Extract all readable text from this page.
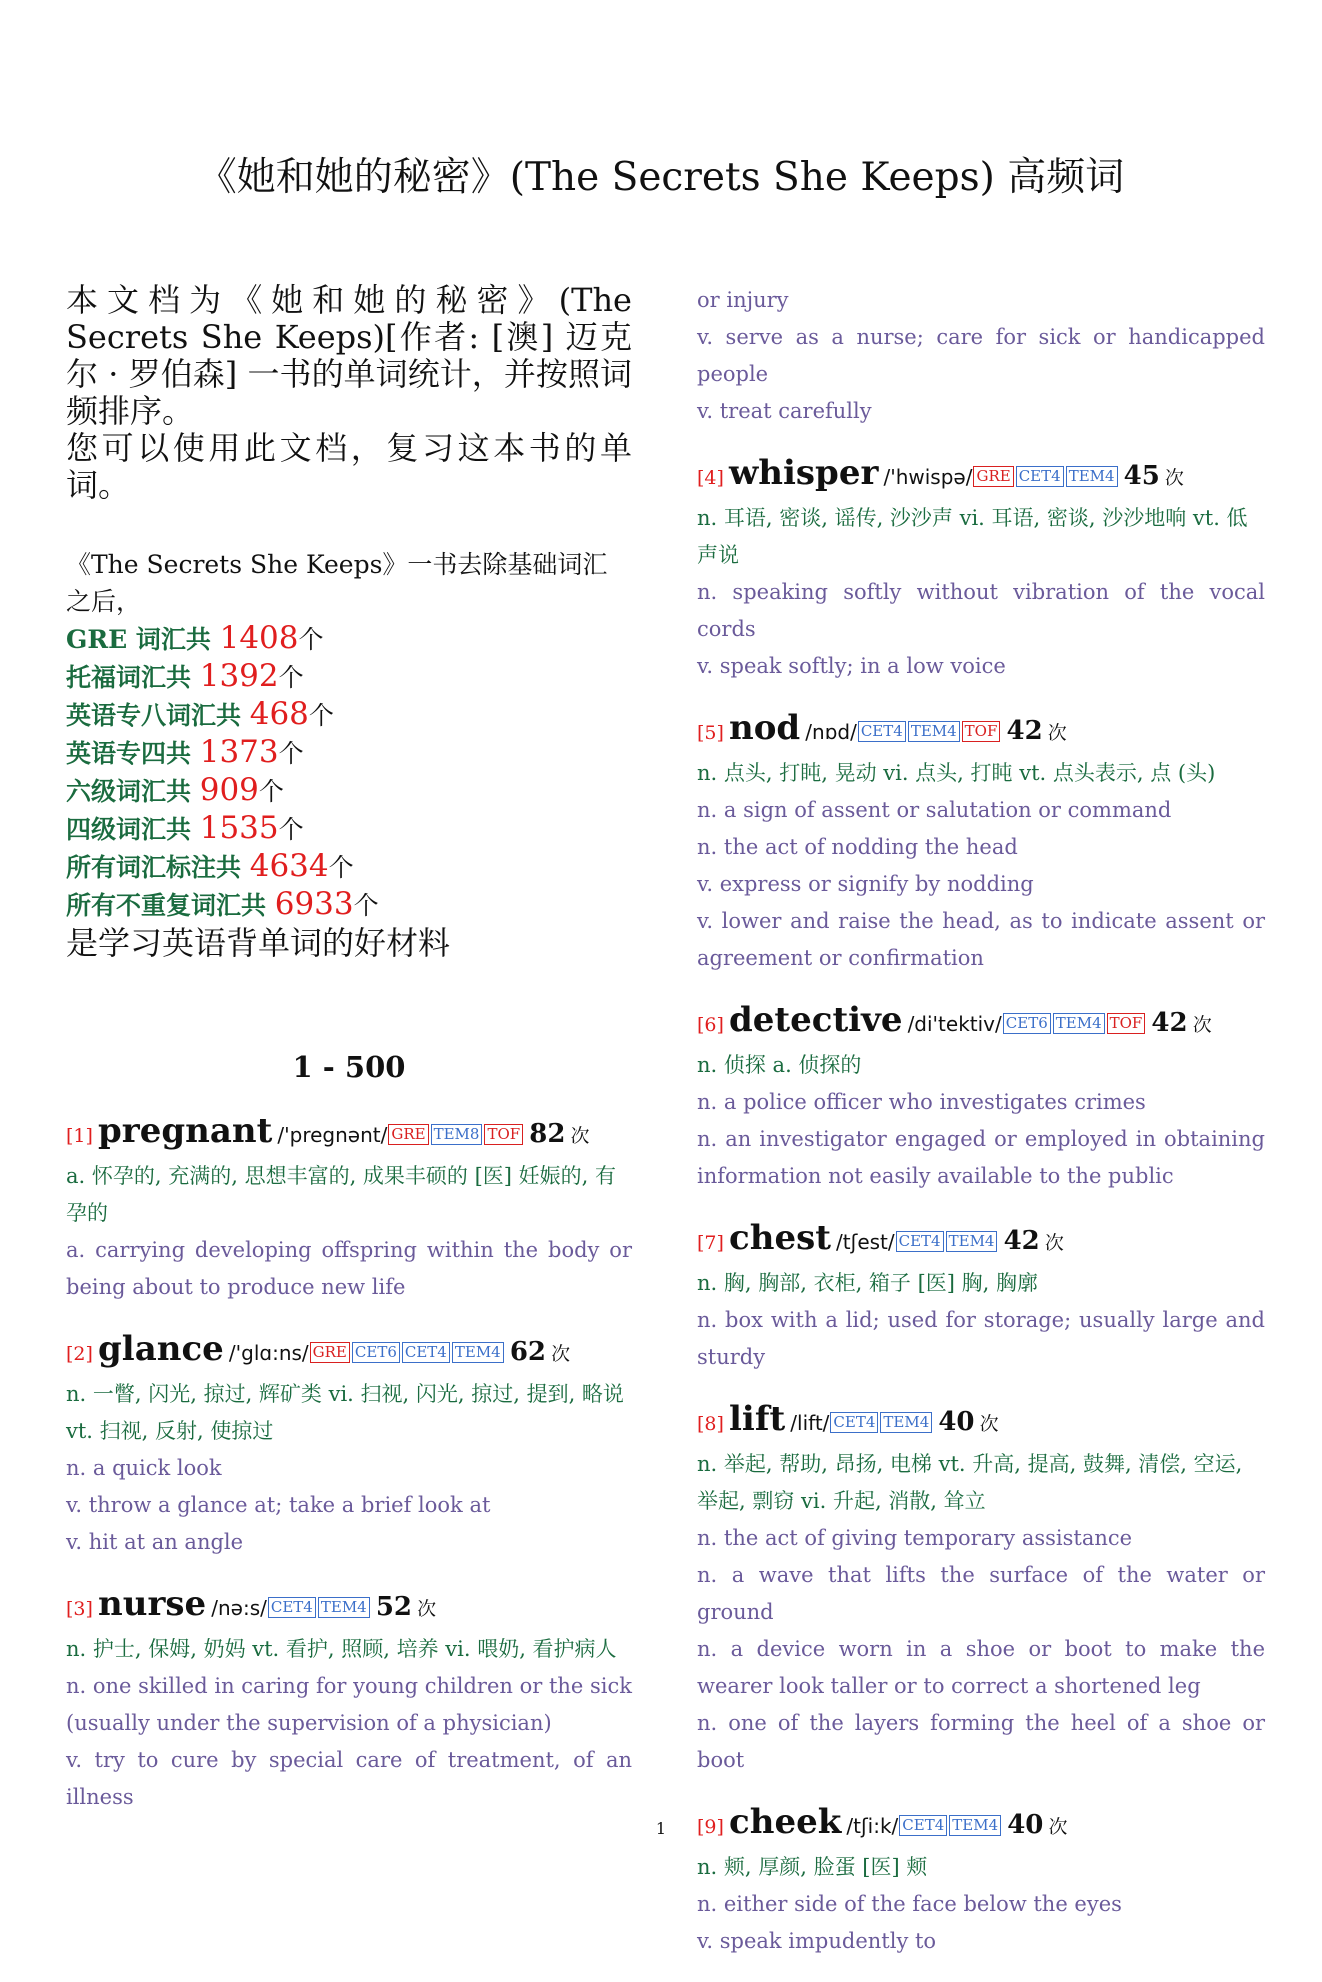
《她和她的秘密》(The Secrets She Keeps) 高频词
本文档为《她和她的秘密》(The Secrets She Keeps)[作者: [澳] 迈克尔 · 罗伯森] 一书的单词统计，并按照词频排序。
您可以使用此文档，复习这本书的单词。
《The Secrets She Keeps》一书去除基础词汇之后，
GRE 词汇共 1408个
托福词汇共 1392个
英语专八词汇共 468个
英语专四共 1373个
六级词汇共 909个
四级词汇共 1535个
所有词汇标注共 4634个
所有不重复词汇共 6933个
是学习英语背单词的好材料
1 - 500
[1] pregnant /'pregnənt/ GRE TEM8 TOF 82 次
a. 怀孕的, 充满的, 思想丰富的, 成果丰硕的 [医] 妊娠的, 有孕的
a. carrying developing offspring within the body or being about to produce new life
[2] glance /'glɑ:ns/ GRE CET6 CET4 TEM4 62 次
n. 一瞥, 闪光, 掠过, 辉矿类 vi. 扫视, 闪光, 掠过, 提到, 略说 vt. 扫视, 反射, 使掠过
n. a quick look
v. throw a glance at; take a brief look at
v. hit at an angle
[3] nurse /nə:s/ CET4 TEM4 52 次
n. 护士, 保姆, 奶妈 vt. 看护, 照顾, 培养 vi. 喂奶, 看护病人
n. one skilled in caring for young children or the sick (usually under the supervision of a physician)
v. try to cure by special care of treatment, of an illness
or injury
v. serve as a nurse; care for sick or handicapped people
v. treat carefully
[4] whisper /'hwispə/ GRE CET4 TEM4 45 次
n. 耳语, 密谈, 谣传, 沙沙声 vi. 耳语, 密谈, 沙沙地响 vt. 低声说
n. speaking softly without vibration of the vocal cords
v. speak softly; in a low voice
[5] nod /nɒd/ CET4 TEM4 TOF 42 次
n. 点头, 打盹, 晃动 vi. 点头, 打盹 vt. 点头表示, 点 (头)
n. a sign of assent or salutation or command
n. the act of nodding the head
v. express or signify by nodding
v. lower and raise the head, as to indicate assent or agreement or confirmation
[6] detective /di'tektiv/ CET6 TEM4 TOF 42 次
n. 侦探 a. 侦探的
n. a police officer who investigates crimes
n. an investigator engaged or employed in obtaining information not easily available to the public
[7] chest /tʃest/ CET4 TEM4 42 次
n. 胸, 胸部, 衣柜, 箱子 [医] 胸, 胸廓
n. box with a lid; used for storage; usually large and sturdy
[8] lift /lift/ CET4 TEM4 40 次
n. 举起, 帮助, 昂扬, 电梯 vt. 升高, 提高, 鼓舞, 清偿, 空运, 举起, 剽窃 vi. 升起, 消散, 耸立
n. the act of giving temporary assistance
n. a wave that lifts the surface of the water or ground
n. a device worn in a shoe or boot to make the wearer look taller or to correct a shortened leg
n. one of the layers forming the heel of a shoe or boot
[9] cheek /tʃi:k/ CET4 TEM4 40 次
n. 颊, 厚颜, 脸蛋 [医] 颊
n. either side of the face below the eyes
v. speak impudently to
1
